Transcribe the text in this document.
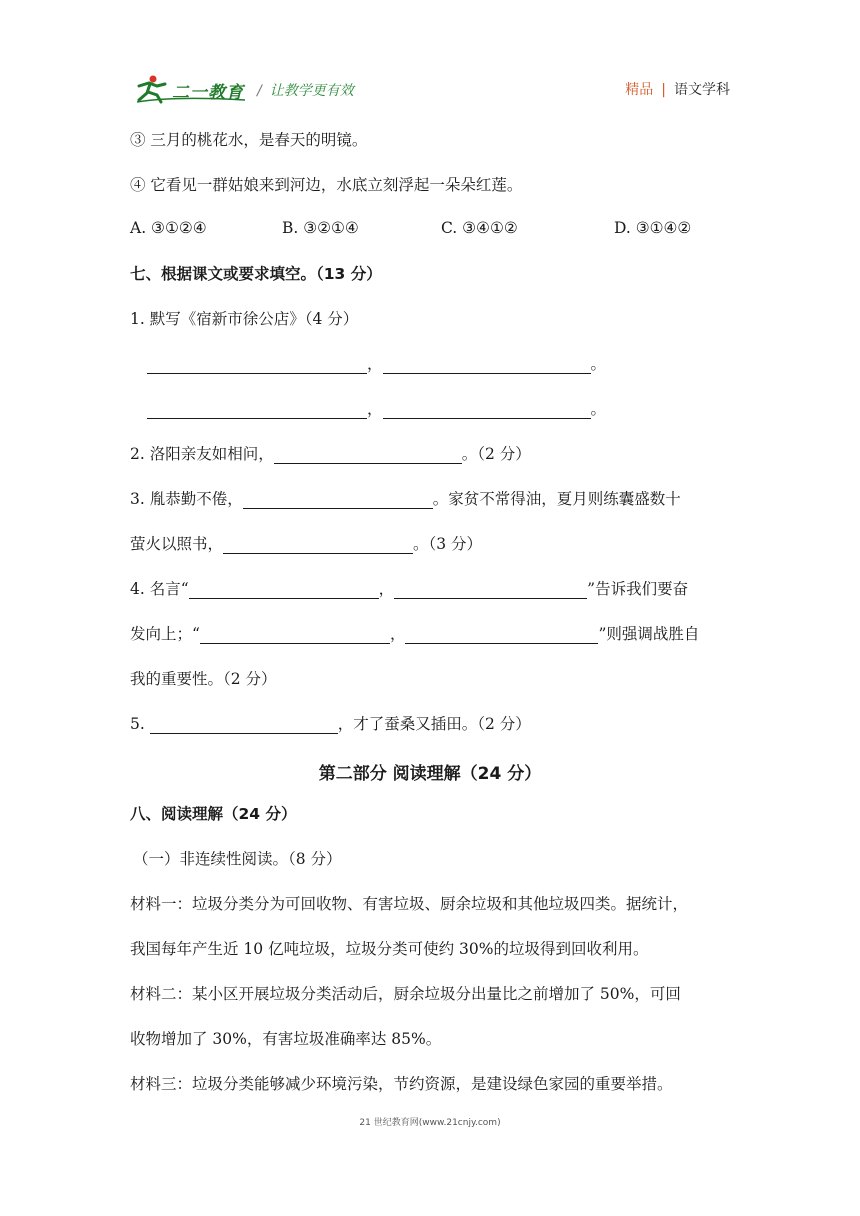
二一教育 / 让教学更有效	精品 | 语文学科
③ 三月的桃花水，是春天的明镜。
④ 它看见一群姑娘来到河边，水底立刻浮起一朵朵红莲。
A. ③①②④	B. ③②①④	C. ③④①②	D. ③①④②
七、根据课文或要求填空。（13 分）
1. 默写《宿新市徐公店》（4 分）
，	。
，	。
2. 洛阳亲友如相问，	。（2 分）
3. 胤恭勤不倦，	。家贫不常得油，夏月则练囊盛数十
萤火以照书，	。（3 分）
4. 名言“	，	”告诉我们要奋
发向上；“	，	”则强调战胜自
我的重要性。（2 分）
5.	，才了蚕桑又插田。（2 分）
第二部分 阅读理解（24 分）
八、阅读理解（24 分）
（一）非连续性阅读。（8 分）
材料一：垃圾分类分为可回收物、有害垃圾、厨余垃圾和其他垃圾四类。据统计，
我国每年产生近 10 亿吨垃圾，垃圾分类可使约 30%的垃圾得到回收利用。
材料二：某小区开展垃圾分类活动后，厨余垃圾分出量比之前增加了 50%，可回
收物增加了 30%，有害垃圾准确率达 85%。
材料三：垃圾分类能够减少环境污染，节约资源，是建设绿色家园的重要举措。
21 世纪教育网(www.21cnjy.com)
